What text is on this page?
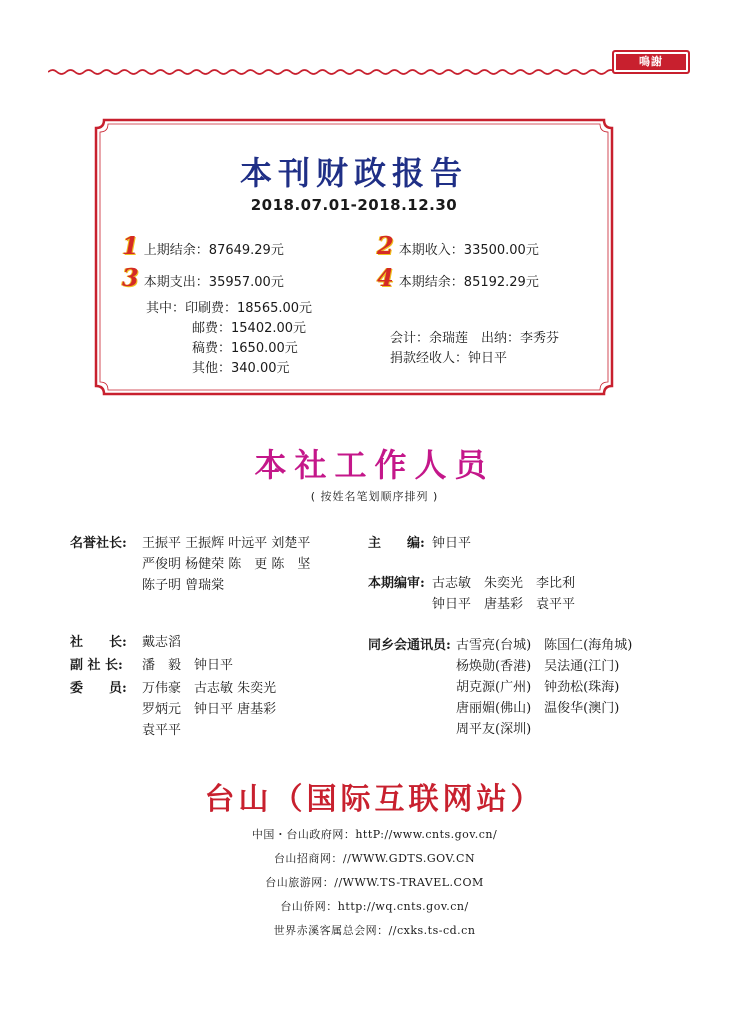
鳴謝
本刊财政报告
2018.07.01-2018.12.30
1 上期结余：87649.29元	2 本期收入：33500.00元
3 本期支出：35957.00元	4 本期结余：85192.29元
其中：印刷费：18565.00元
邮费：15402.00元
稿费：1650.00元
其他：340.00元
会计：余瑞莲　出纳：李秀芬
捐款经收人：钟日平
本社工作人员
( 按姓名笔划顺序排列 )
名誉社长: 王振平 王振辉 叶远平 刘楚平
严俊明 杨健荣 陈　更 陈　坚
陈子明 曾瑞棠
社　　长: 戴志滔
副 社 长: 潘　毅　钟日平
委　　员: 万伟豪　古志敏 朱奕光
罗炳元　钟日平 唐基彩
袁平平
主　　编: 钟日平
本期编审: 古志敏　朱奕光　李比利
钟日平　唐基彩　袁平平
同乡会通讯员: 古雪亮(台城)　陈国仁(海角城)
杨焕勋(香港)　吴法通(江门)
胡克源(广州)　钟劲松(珠海)
唐丽媚(佛山)　温俊华(澳门)
周平友(深圳)
台山（国际互联网站）
中国・台山政府网：httP://www.cnts.gov.cn/
台山招商网：//WWW.GDTS.GOV.CN
台山旅游网：//WWW.TS-TRAVEL.COM
台山侨网：http://wq.cnts.gov.cn/
世界赤溪客属总会网：//cxks.ts-cd.cn
